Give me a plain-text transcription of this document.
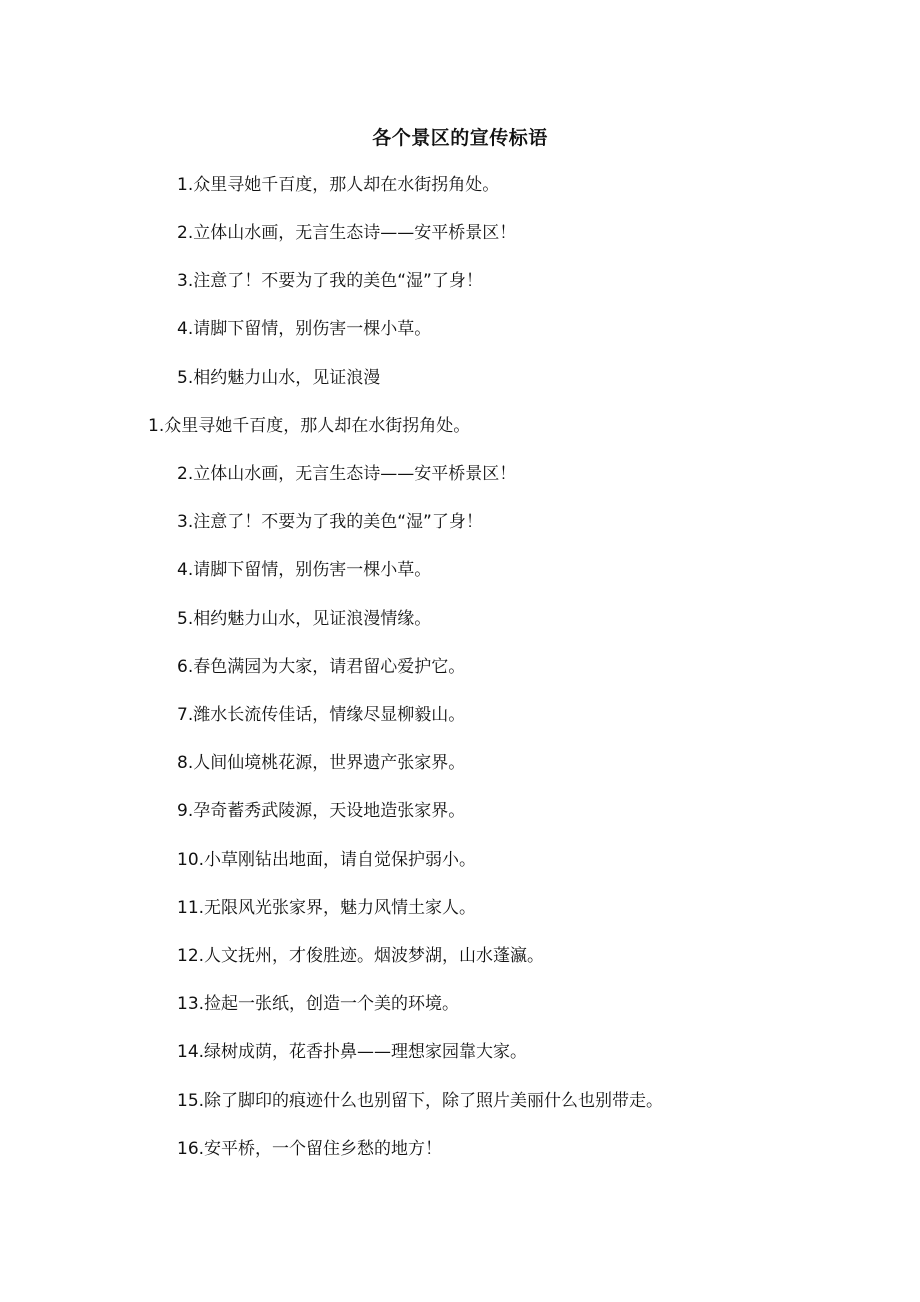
各个景区的宣传标语
1.众里寻她千百度，那人却在水街拐角处。
2.立体山水画，无言生态诗——安平桥景区！
3.注意了！不要为了我的美色“湿”了身！
4.请脚下留情，别伤害一棵小草。
5.相约魅力山水，见证浪漫
1.众里寻她千百度，那人却在水街拐角处。
2.立体山水画，无言生态诗——安平桥景区！
3.注意了！不要为了我的美色“湿”了身！
4.请脚下留情，别伤害一棵小草。
5.相约魅力山水，见证浪漫情缘。
6.春色满园为大家，请君留心爱护它。
7.潍水长流传佳话，情缘尽显柳毅山。
8.人间仙境桃花源，世界遗产张家界。
9.孕奇蓄秀武陵源，天设地造张家界。
10.小草刚钻出地面，请自觉保护弱小。
11.无限风光张家界，魅力风情土家人。
12.人文抚州，才俊胜迹。烟波梦湖，山水蓬瀛。
13.捡起一张纸，创造一个美的环境。
14.绿树成荫，花香扑鼻——理想家园靠大家。
15.除了脚印的痕迹什么也别留下，除了照片美丽什么也别带走。
16.安平桥，一个留住乡愁的地方！
